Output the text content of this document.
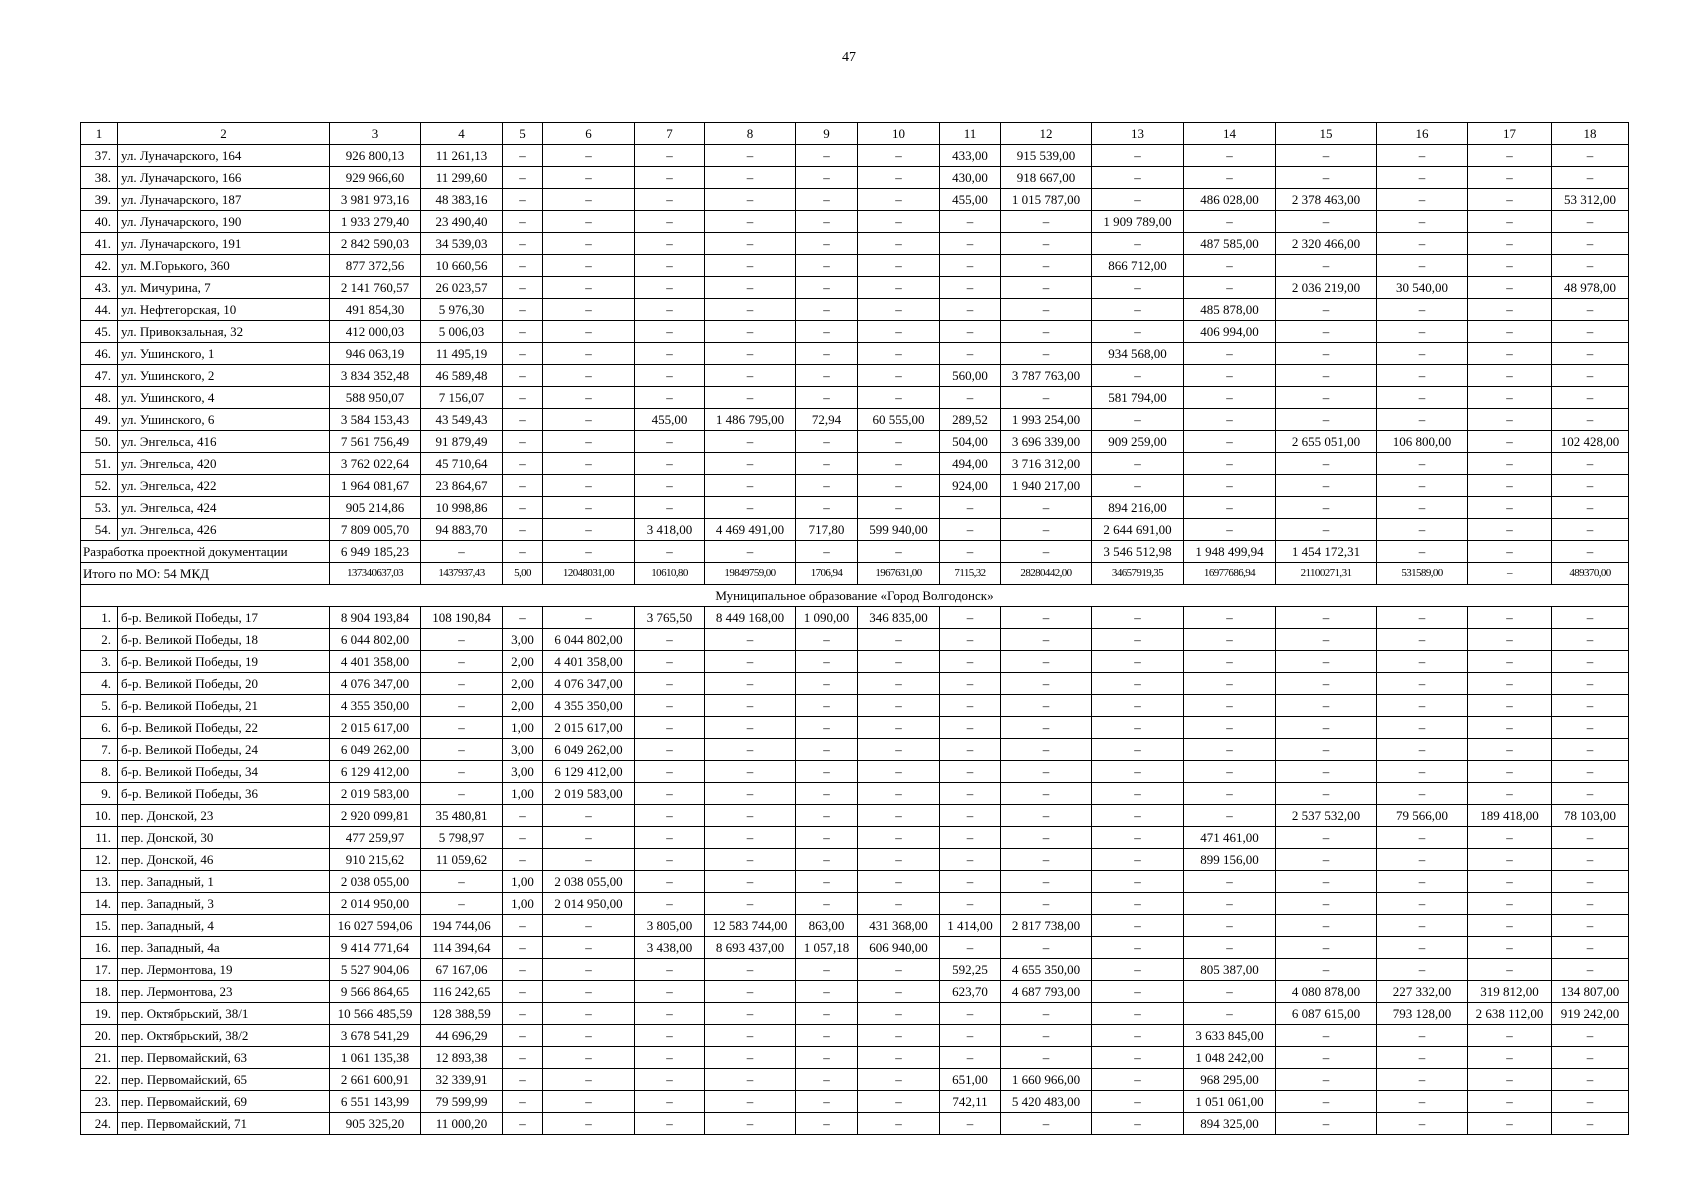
47
1	2	3	4	5	6	7	8	9	10	11	12	13	14	15	16	17	18
37.	ул. Луначарского, 164	926 800,13	11 261,13	–	–	–	–	–	–	433,00	915 539,00	–	–	–	–	–	–
38.	ул. Луначарского, 166	929 966,60	11 299,60	–	–	–	–	–	–	430,00	918 667,00	–	–	–	–	–	–
39.	ул. Луначарского, 187	3 981 973,16	48 383,16	–	–	–	–	–	–	455,00	1 015 787,00	–	486 028,00	2 378 463,00	–	–	53 312,00
40.	ул. Луначарского, 190	1 933 279,40	23 490,40	–	–	–	–	–	–	–	–	1 909 789,00	–	–	–	–	–
41.	ул. Луначарского, 191	2 842 590,03	34 539,03	–	–	–	–	–	–	–	–	–	487 585,00	2 320 466,00	–	–	–
42.	ул. М.Горького, 360	877 372,56	10 660,56	–	–	–	–	–	–	–	–	866 712,00	–	–	–	–	–
43.	ул. Мичурина, 7	2 141 760,57	26 023,57	–	–	–	–	–	–	–	–	–	–	2 036 219,00	30 540,00	–	48 978,00
44.	ул. Нефтегорская, 10	491 854,30	5 976,30	–	–	–	–	–	–	–	–	–	485 878,00	–	–	–	–
45.	ул. Привокзальная, 32	412 000,03	5 006,03	–	–	–	–	–	–	–	–	–	406 994,00	–	–	–	–
46.	ул. Ушинского, 1	946 063,19	11 495,19	–	–	–	–	–	–	–	–	934 568,00	–	–	–	–	–
47.	ул. Ушинского, 2	3 834 352,48	46 589,48	–	–	–	–	–	–	560,00	3 787 763,00	–	–	–	–	–	–
48.	ул. Ушинского, 4	588 950,07	7 156,07	–	–	–	–	–	–	–	–	581 794,00	–	–	–	–	–
49.	ул. Ушинского, 6	3 584 153,43	43 549,43	–	–	455,00	1 486 795,00	72,94	60 555,00	289,52	1 993 254,00	–	–	–	–	–	–
50.	ул. Энгельса, 416	7 561 756,49	91 879,49	–	–	–	–	–	–	504,00	3 696 339,00	909 259,00	–	2 655 051,00	106 800,00	–	102 428,00
51.	ул. Энгельса, 420	3 762 022,64	45 710,64	–	–	–	–	–	–	494,00	3 716 312,00	–	–	–	–	–	–
52.	ул. Энгельса, 422	1 964 081,67	23 864,67	–	–	–	–	–	–	924,00	1 940 217,00	–	–	–	–	–	–
53.	ул. Энгельса, 424	905 214,86	10 998,86	–	–	–	–	–	–	–	–	894 216,00	–	–	–	–	–
54.	ул. Энгельса, 426	7 809 005,70	94 883,70	–	–	3 418,00	4 469 491,00	717,80	599 940,00	–	–	2 644 691,00	–	–	–	–	–
Разработка проектной документации		6 949 185,23	–	–	–	–	–	–	–	–	–	3 546 512,98	1 948 499,94	1 454 172,31	–	–	–
Итого по МО: 54 МКД		137340637,03	1437937,43	5,00	12048031,00	10610,80	19849759,00	1706,94	1967631,00	7115,32	28280442,00	34657919,35	16977686,94	21100271,31	531589,00	–	489370,00
Муниципальное образование «Город Волгодонск»																	
1.	б-р. Великой Победы, 17	8 904 193,84	108 190,84	–	–	3 765,50	8 449 168,00	1 090,00	346 835,00	–	–	–	–	–	–	–	–
2.	б-р. Великой Победы, 18	6 044 802,00	–	3,00	6 044 802,00	–	–	–	–	–	–	–	–	–	–	–	–
3.	б-р. Великой Победы, 19	4 401 358,00	–	2,00	4 401 358,00	–	–	–	–	–	–	–	–	–	–	–	–
4.	б-р. Великой Победы, 20	4 076 347,00	–	2,00	4 076 347,00	–	–	–	–	–	–	–	–	–	–	–	–
5.	б-р. Великой Победы, 21	4 355 350,00	–	2,00	4 355 350,00	–	–	–	–	–	–	–	–	–	–	–	–
6.	б-р. Великой Победы, 22	2 015 617,00	–	1,00	2 015 617,00	–	–	–	–	–	–	–	–	–	–	–	–
7.	б-р. Великой Победы, 24	6 049 262,00	–	3,00	6 049 262,00	–	–	–	–	–	–	–	–	–	–	–	–
8.	б-р. Великой Победы, 34	6 129 412,00	–	3,00	6 129 412,00	–	–	–	–	–	–	–	–	–	–	–	–
9.	б-р. Великой Победы, 36	2 019 583,00	–	1,00	2 019 583,00	–	–	–	–	–	–	–	–	–	–	–	–
10.	пер. Донской, 23	2 920 099,81	35 480,81	–	–	–	–	–	–	–	–	–	–	2 537 532,00	79 566,00	189 418,00	78 103,00
11.	пер. Донской, 30	477 259,97	5 798,97	–	–	–	–	–	–	–	–	–	471 461,00	–	–	–	–
12.	пер. Донской, 46	910 215,62	11 059,62	–	–	–	–	–	–	–	–	–	899 156,00	–	–	–	–
13.	пер. Западный, 1	2 038 055,00	–	1,00	2 038 055,00	–	–	–	–	–	–	–	–	–	–	–	–
14.	пер. Западный, 3	2 014 950,00	–	1,00	2 014 950,00	–	–	–	–	–	–	–	–	–	–	–	–
15.	пер. Западный, 4	16 027 594,06	194 744,06	–	–	3 805,00	12 583 744,00	863,00	431 368,00	1 414,00	2 817 738,00	–	–	–	–	–	–
16.	пер. Западный, 4а	9 414 771,64	114 394,64	–	–	3 438,00	8 693 437,00	1 057,18	606 940,00	–	–	–	–	–	–	–	–
17.	пер. Лермонтова, 19	5 527 904,06	67 167,06	–	–	–	–	–	–	592,25	4 655 350,00	–	805 387,00	–	–	–	–
18.	пер. Лермонтова, 23	9 566 864,65	116 242,65	–	–	–	–	–	–	623,70	4 687 793,00	–	–	4 080 878,00	227 332,00	319 812,00	134 807,00
19.	пер. Октябрьский, 38/1	10 566 485,59	128 388,59	–	–	–	–	–	–	–	–	–	–	6 087 615,00	793 128,00	2 638 112,00	919 242,00
20.	пер. Октябрьский, 38/2	3 678 541,29	44 696,29	–	–	–	–	–	–	–	–	–	3 633 845,00	–	–	–	–
21.	пер. Первомайский, 63	1 061 135,38	12 893,38	–	–	–	–	–	–	–	–	–	1 048 242,00	–	–	–	–
22.	пер. Первомайский, 65	2 661 600,91	32 339,91	–	–	–	–	–	–	651,00	1 660 966,00	–	968 295,00	–	–	–	–
23.	пер. Первомайский, 69	6 551 143,99	79 599,99	–	–	–	–	–	–	742,11	5 420 483,00	–	1 051 061,00	–	–	–	–
24.	пер. Первомайский, 71	905 325,20	11 000,20	–	–	–	–	–	–	–	–	–	894 325,00	–	–	–	–
